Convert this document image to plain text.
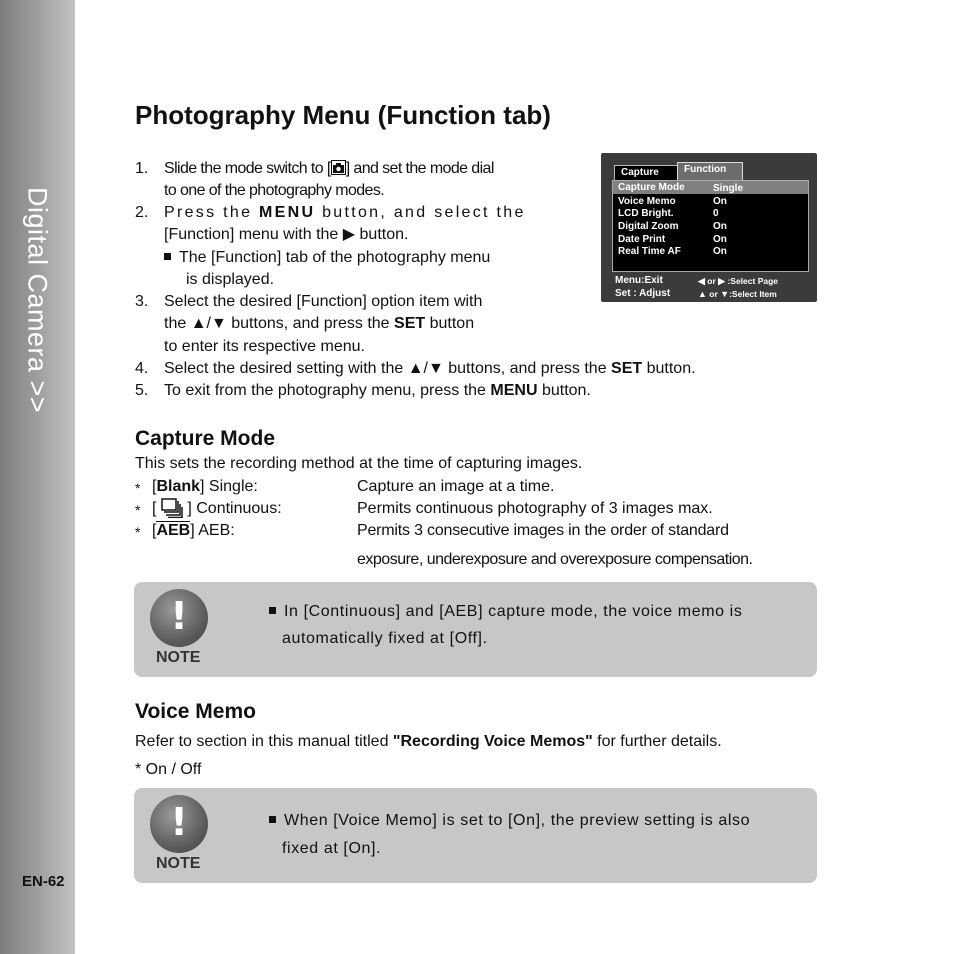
Digital Camera >>
EN-62
Photography Menu (Function tab)
1. Slide the mode switch to [ ] and set the mode dial
to one of the photography modes.
2. Press the MENU button, and select the
[Function] menu with the ▶ button.
The [Function] tab of the photography menu
is displayed.
3. Select the desired [Function] option item with
the ▲/▼ buttons, and press the SET button
to enter its respective menu.
4. Select the desired setting with the ▲/▼ buttons, and press the SET button.
5. To exit from the photography menu, press the MENU button.
Capture	Function
Capture Mode	Single
Voice Memo	On
LCD Bright.	0
Digital Zoom	On
Date Print	On
Real Time AF	On
Menu:Exit
Set : Adjust
◀ or ▶ :Select Page
▲ or ▼:Select Item
Capture Mode
This sets the recording method at the time of capturing images.
* [Blank] Single:	Capture an image at a time.
* [ ] Continuous:	Permits continuous photography of 3 images max.
* [AEB] AEB:	Permits 3 consecutive images in the order of standard
exposure, underexposure and overexposure compensation.
!
NOTE
In [Continuous] and [AEB] capture mode, the voice memo is
automatically fixed at [Off].
Voice Memo
Refer to section in this manual titled "Recording Voice Memos" for further details.
* On / Off
!
NOTE
When [Voice Memo] is set to [On], the preview setting is also
fixed at [On].
